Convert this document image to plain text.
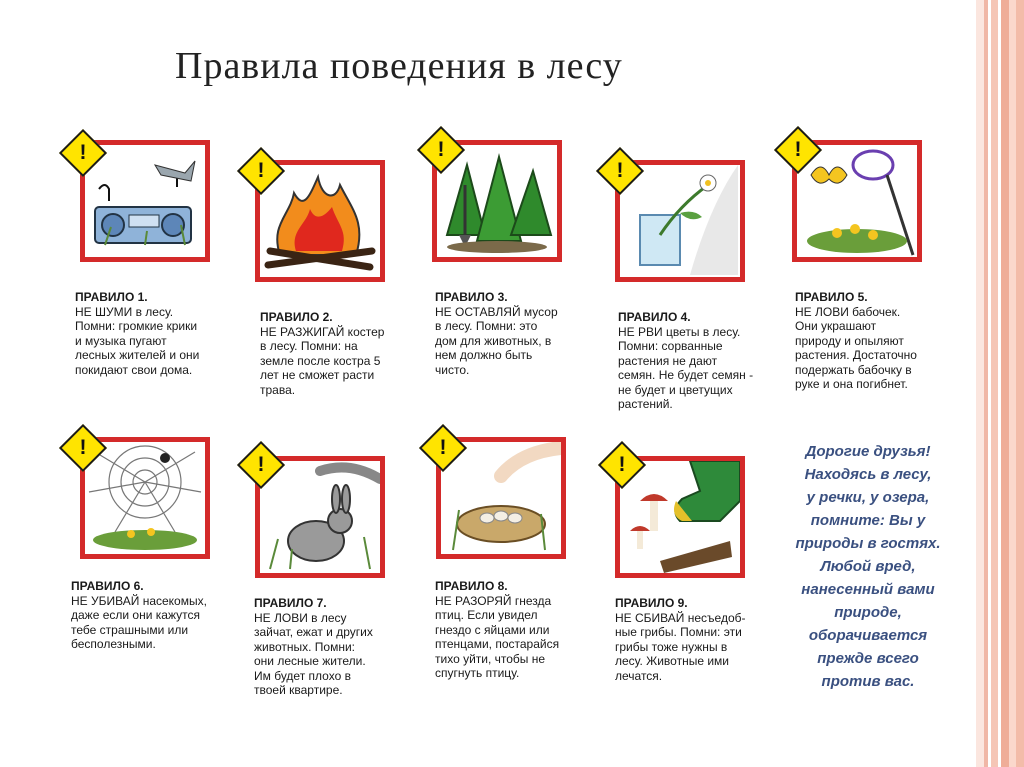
Правила поведения в лесу
!
ПРАВИЛО 1.
НЕ ШУМИ в лесу.
Помни: громкие крики
и музыка пугают
лесных жителей и они
покидают свои дома.
!
ПРАВИЛО 2.
НЕ РАЗЖИГАЙ костер
в лесу. Помни: на
земле после костра 5
лет не сможет расти
трава.
!
ПРАВИЛО 3.
НЕ ОСТАВЛЯЙ мусор
в лесу. Помни: это
дом для животных, в
нем должно быть
чисто.
!
ПРАВИЛО 4.
НЕ РВИ цветы в лесу.
Помни: сорванные
растения не дают
семян. Не будет семян -
не будет и цветущих
растений.
!
ПРАВИЛО 5.
НЕ ЛОВИ бабочек.
Они украшают
природу и опыляют
растения. Достаточно
подержать бабочку в
руке и она погибнет.
!
ПРАВИЛО 6.
НЕ УБИВАЙ насекомых,
даже если они кажутся
тебе страшными или
бесполезными.
!
ПРАВИЛО 7.
НЕ ЛОВИ в лесу
зайчат, ежат и других
животных. Помни:
они лесные жители.
Им будет плохо в
твоей квартире.
!
ПРАВИЛО 8.
НЕ РАЗОРЯЙ гнезда
птиц. Если увидел
гнездо с яйцами или
птенцами, постарайся
тихо уйти, чтобы не
спугнуть птицу.
!
ПРАВИЛО 9.
НЕ СБИВАЙ несъедоб-
ные грибы. Помни: эти
грибы тоже нужны в
лесу. Животные ими
лечатся.
Дорогие друзья!
Находясь в лесу,
у речки, у озера,
помните: Вы у
природы в гостях.
Любой вред,
нанесенный вами
природе,
оборачивается
прежде всего
против вас.
